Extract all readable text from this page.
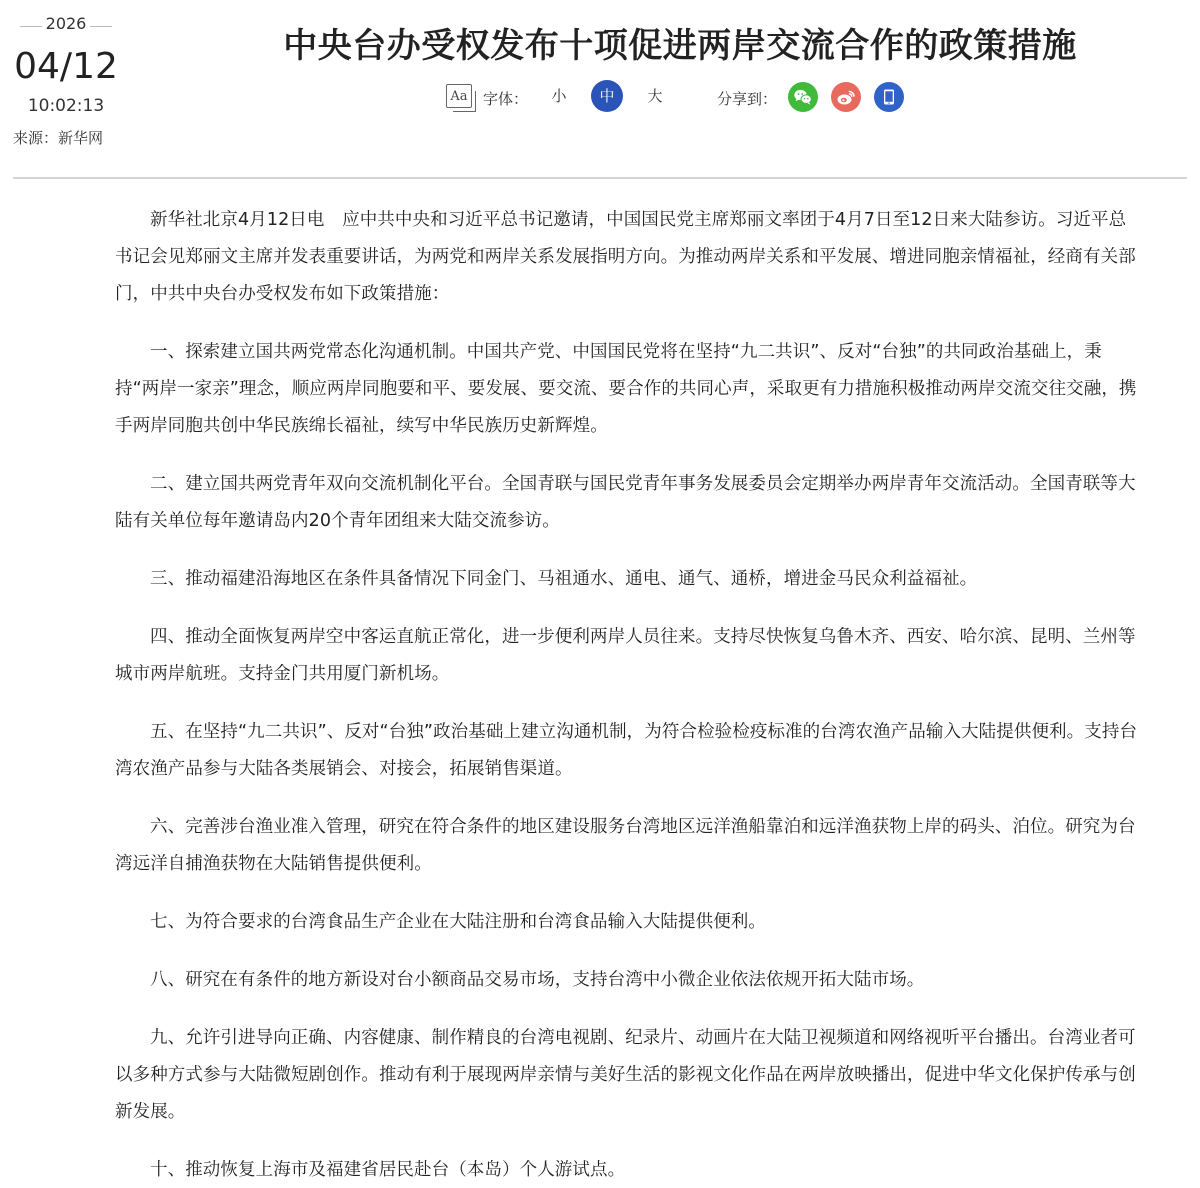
2026
04/12
10:02:13
来源：新华网
中央台办受权发布十项促进两岸交流合作的政策措施
Aa 字体：	小	中	大	分享到：

新华社北京4月12日电　应中共中央和习近平总书记邀请，中国国民党主席郑丽文率团于4月7日至12日来大陆参访。习近平总书记会见郑丽文主席并发表重要讲话，为两党和两岸关系发展指明方向。为推动两岸关系和平发展、增进同胞亲情福祉，经商有关部门，中共中央台办受权发布如下政策措施：

一、探索建立国共两党常态化沟通机制。中国共产党、中国国民党将在坚持“九二共识”、反对“台独”的共同政治基础上，秉持“两岸一家亲”理念，顺应两岸同胞要和平、要发展、要交流、要合作的共同心声，采取更有力措施积极推动两岸交流交往交融，携手两岸同胞共创中华民族绵长福祉，续写中华民族历史新辉煌。

二、建立国共两党青年双向交流机制化平台。全国青联与国民党青年事务发展委员会定期举办两岸青年交流活动。全国青联等大陆有关单位每年邀请岛内20个青年团组来大陆交流参访。

三、推动福建沿海地区在条件具备情况下同金门、马祖通水、通电、通气、通桥，增进金马民众利益福祉。

四、推动全面恢复两岸空中客运直航正常化，进一步便利两岸人员往来。支持尽快恢复乌鲁木齐、西安、哈尔滨、昆明、兰州等城市两岸航班。支持金门共用厦门新机场。

五、在坚持“九二共识”、反对“台独”政治基础上建立沟通机制，为符合检验检疫标准的台湾农渔产品输入大陆提供便利。支持台湾农渔产品参与大陆各类展销会、对接会，拓展销售渠道。

六、完善涉台渔业准入管理，研究在符合条件的地区建设服务台湾地区远洋渔船靠泊和远洋渔获物上岸的码头、泊位。研究为台湾远洋自捕渔获物在大陆销售提供便利。

七、为符合要求的台湾食品生产企业在大陆注册和台湾食品输入大陆提供便利。

八、研究在有条件的地方新设对台小额商品交易市场，支持台湾中小微企业依法依规开拓大陆市场。

九、允许引进导向正确、内容健康、制作精良的台湾电视剧、纪录片、动画片在大陆卫视频道和网络视听平台播出。台湾业者可以多种方式参与大陆微短剧创作。推动有利于展现两岸亲情与美好生活的影视文化作品在两岸放映播出，促进中华文化保护传承与创新发展。

十、推动恢复上海市及福建省居民赴台（本岛）个人游试点。
